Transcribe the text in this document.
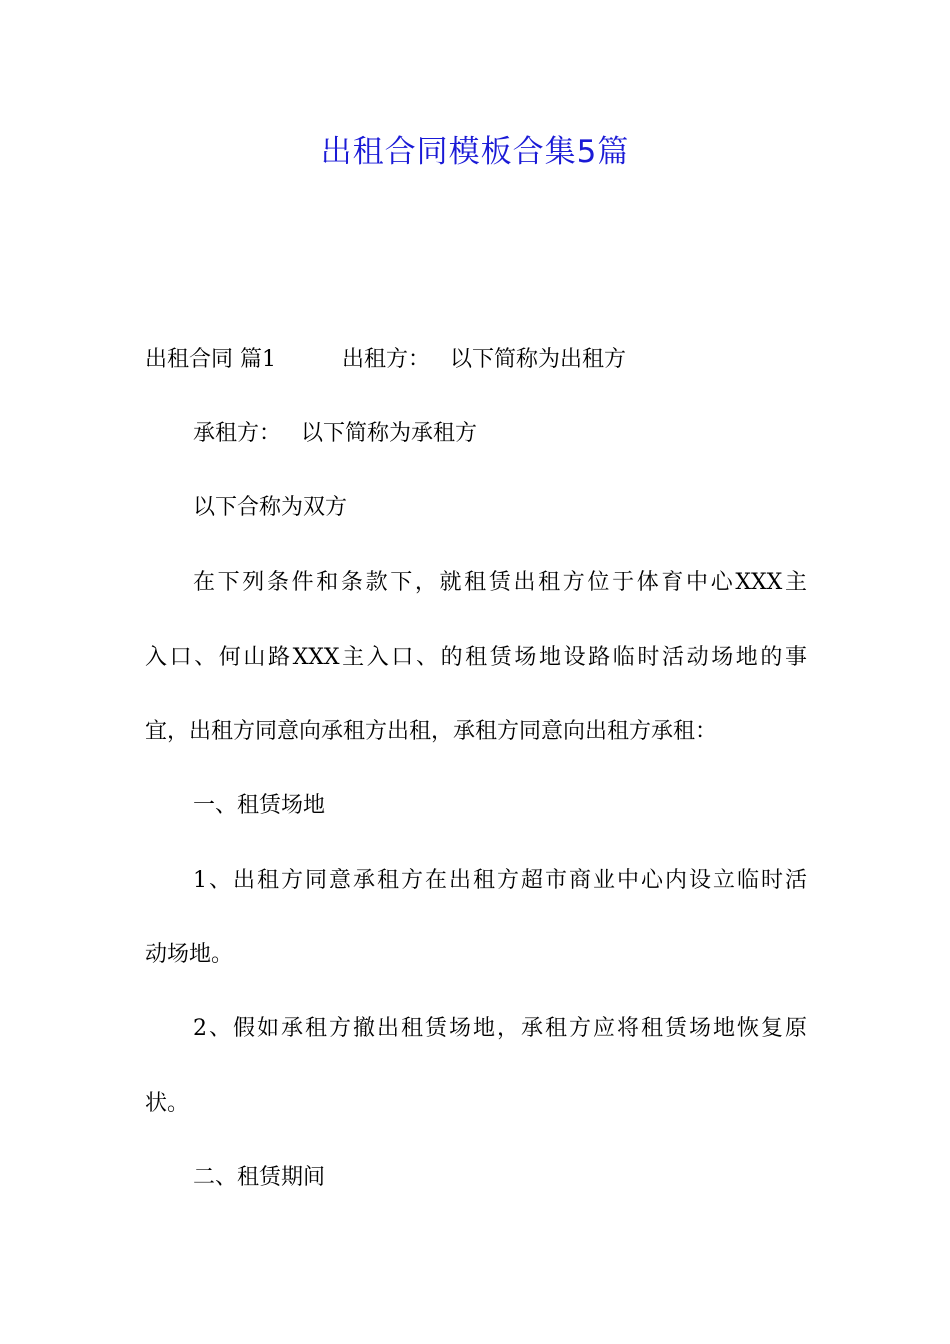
出租合同模板合集5篇
出租合同 篇1	出租方： 以下简称为出租方
承租方： 以下简称为承租方
以下合称为双方
在下列条件和条款下，就租赁出租方位于体育中心XXX主
入口、何山路XXX主入口、的租赁场地设路临时活动场地的事
宜，出租方同意向承租方出租，承租方同意向出租方承租：
一、租赁场地
1、出租方同意承租方在出租方超市商业中心内设立临时活
动场地。
2、假如承租方撤出租赁场地，承租方应将租赁场地恢复原
状。
二、租赁期间
